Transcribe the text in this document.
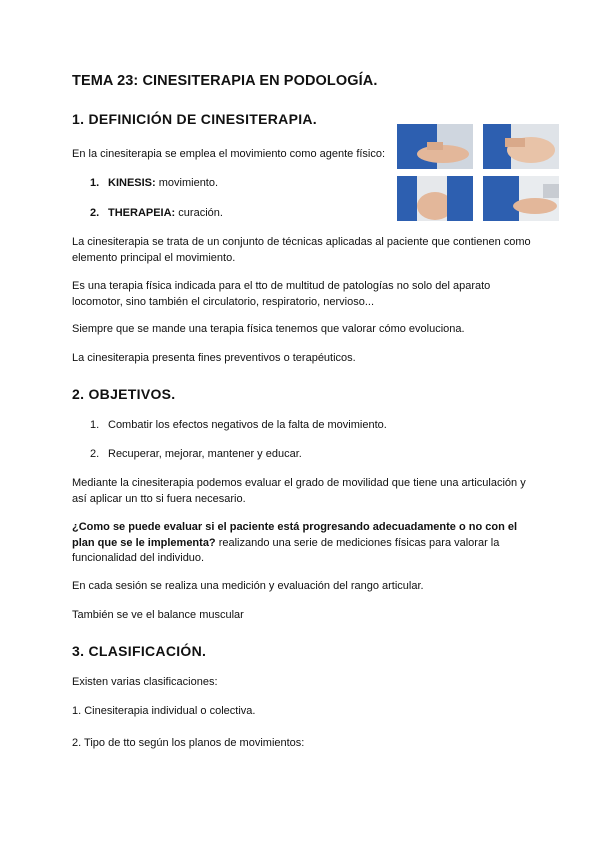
TEMA 23: CINESITERAPIA EN PODOLOGÍA.
1. DEFINICIÓN DE CINESITERAPIA.
En la cinesiterapia se emplea el movimiento como agente físico:
1. KINESIS: movimiento.
2. THERAPEIA: curación.
La cinesiterapia se trata de un conjunto de técnicas aplicadas al paciente que contienen como elemento principal el movimiento.
Es una terapia física indicada para el tto de multitud de patologías no solo del aparato locomotor, sino también el circulatorio, respiratorio, nervioso...
Siempre que se mande una terapia física tenemos que valorar cómo evoluciona.
La cinesiterapia presenta fines preventivos o terapéuticos.
2. OBJETIVOS.
1. Combatir los efectos negativos de la falta de movimiento.
2. Recuperar, mejorar, mantener y educar.
Mediante la cinesiterapia podemos evaluar el grado de movilidad que tiene una articulación y así aplicar un tto si fuera necesario.
¿Como se puede evaluar si el paciente está progresando adecuadamente o no con el plan que se le implementa? realizando una serie de mediciones físicas para valorar la funcionalidad del individuo.
En cada sesión se realiza una medición y evaluación del rango articular.
También se ve el balance muscular
3. CLASIFICACIÓN.
Existen varias clasificaciones:
1. Cinesiterapia individual o colectiva.
2. Tipo de tto según los planos de movimientos:
